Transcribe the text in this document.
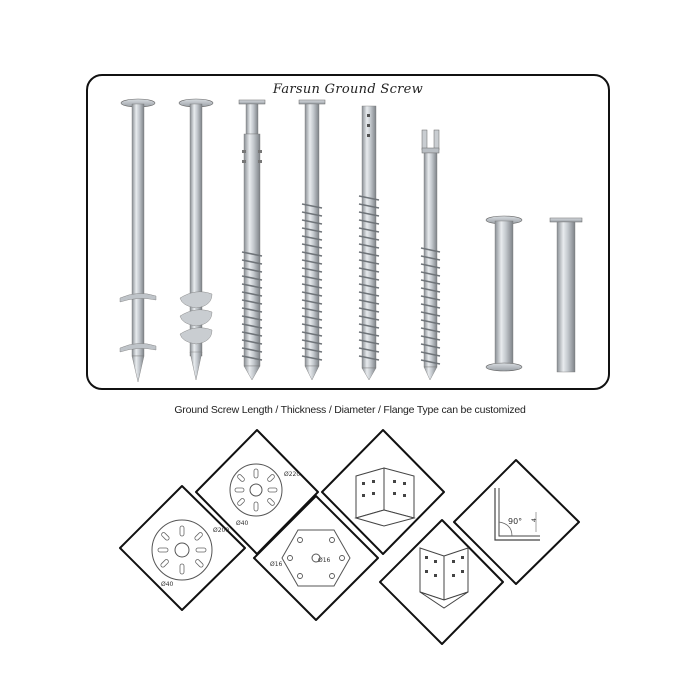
Farsun Ground Screw
Ground Screw Length / Thickness / Diameter / Flange Type can be customized
Ø200
Ø40
Ø220
Ø40
Ø16
Ø16
90° 4
